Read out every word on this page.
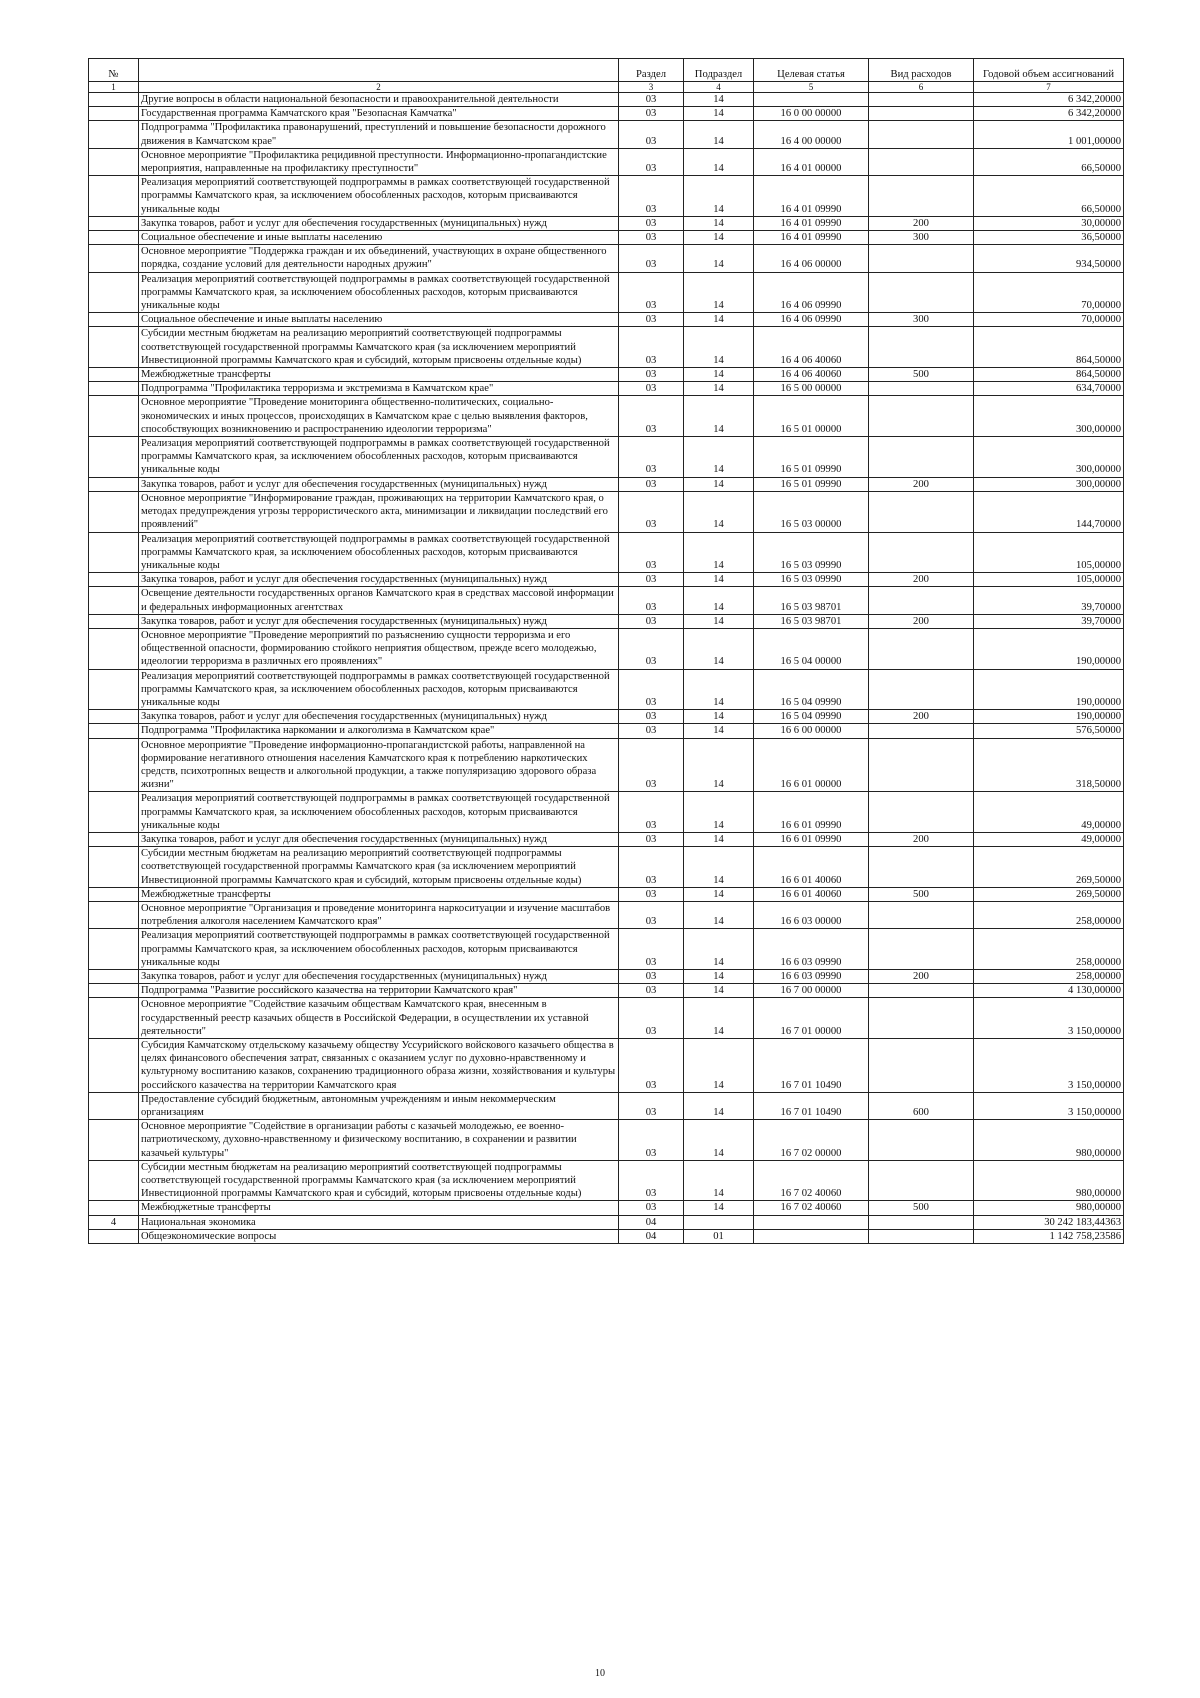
№		Раздел	Подраздел	Целевая статья	Вид расходов	Годовой объем ассигнований
1	2	3	4	5	6	7
	Другие вопросы в области национальной безопасности и правоохранительной деятельности	03	14			6 342,20000
	Государственная программа Камчатского края "Безопасная Камчатка"	03	14	16 0 00 00000		6 342,20000
	Подпрограмма "Профилактика правонарушений, преступлений и повышение безопасности дорожного движения в Камчатском крае"	03	14	16 4 00 00000		1 001,00000
	Основное мероприятие "Профилактика рецидивной преступности. Информационно-пропагандистские мероприятия, направленные на профилактику преступности"	03	14	16 4 01 00000		66,50000
	Реализация мероприятий соответствующей подпрограммы в рамках соответствующей государственной программы Камчатского края, за исключением обособленных расходов, которым присваиваются уникальные коды	03	14	16 4 01 09990		66,50000
	Закупка товаров, работ и услуг для обеспечения государственных (муниципальных) нужд	03	14	16 4 01 09990	200	30,00000
	Социальное обеспечение и иные выплаты населению	03	14	16 4 01 09990	300	36,50000
	Основное мероприятие "Поддержка граждан и их объединений, участвующих в охране общественного порядка, создание условий для деятельности народных дружин"	03	14	16 4 06 00000		934,50000
	Реализация мероприятий соответствующей подпрограммы в рамках соответствующей государственной программы Камчатского края, за исключением обособленных расходов, которым присваиваются уникальные коды	03	14	16 4 06 09990		70,00000
	Социальное обеспечение и иные выплаты населению	03	14	16 4 06 09990	300	70,00000
	Субсидии местным бюджетам на реализацию мероприятий соответствующей подпрограммы соответствующей государственной программы Камчатского края (за исключением мероприятий Инвестиционной программы Камчатского края и субсидий, которым присвоены отдельные коды)	03	14	16 4 06 40060		864,50000
	Межбюджетные трансферты	03	14	16 4 06 40060	500	864,50000
	Подпрограмма "Профилактика терроризма и экстремизма в Камчатском крае"	03	14	16 5 00 00000		634,70000
	Основное мероприятие "Проведение мониторинга общественно-политических, социально-экономических и иных процессов, происходящих в Камчатском крае с целью выявления факторов, способствующих возникновению и распространению идеологии терроризма"	03	14	16 5 01 00000		300,00000
	Реализация мероприятий соответствующей подпрограммы в рамках соответствующей государственной программы Камчатского края, за исключением обособленных расходов, которым присваиваются уникальные коды	03	14	16 5 01 09990		300,00000
	Закупка товаров, работ и услуг для обеспечения государственных (муниципальных) нужд	03	14	16 5 01 09990	200	300,00000
	Основное мероприятие "Информирование граждан, проживающих на территории Камчатского края, о методах предупреждения угрозы террористического акта, минимизации и ликвидации последствий его проявлений"	03	14	16 5 03 00000		144,70000
	Реализация мероприятий соответствующей подпрограммы в рамках соответствующей государственной программы Камчатского края, за исключением обособленных расходов, которым присваиваются уникальные коды	03	14	16 5 03 09990		105,00000
	Закупка товаров, работ и услуг для обеспечения государственных (муниципальных) нужд	03	14	16 5 03 09990	200	105,00000
	Освещение деятельности государственных органов Камчатского края в средствах массовой информации и федеральных информационных агентствах	03	14	16 5 03 98701		39,70000
	Закупка товаров, работ и услуг для обеспечения государственных (муниципальных) нужд	03	14	16 5 03 98701	200	39,70000
	Основное мероприятие "Проведение мероприятий по разъяснению сущности терроризма и его общественной опасности, формированию стойкого неприятия обществом, прежде всего молодежью, идеологии терроризма в различных его проявлениях"	03	14	16 5 04 00000		190,00000
	Реализация мероприятий соответствующей подпрограммы в рамках соответствующей государственной программы Камчатского края, за исключением обособленных расходов, которым присваиваются уникальные коды	03	14	16 5 04 09990		190,00000
	Закупка товаров, работ и услуг для обеспечения государственных (муниципальных) нужд	03	14	16 5 04 09990	200	190,00000
	Подпрограмма "Профилактика наркомании и алкоголизма в Камчатском крае"	03	14	16 6 00 00000		576,50000
	Основное мероприятие "Проведение информационно-пропагандистской работы, направленной на формирование негативного отношения населения Камчатского края к потреблению наркотических средств, психотропных веществ и алкогольной продукции, а также популяризацию здорового образа жизни"	03	14	16 6 01 00000		318,50000
	Реализация мероприятий соответствующей подпрограммы в рамках соответствующей государственной программы Камчатского края, за исключением обособленных расходов, которым присваиваются уникальные коды	03	14	16 6 01 09990		49,00000
	Закупка товаров, работ и услуг для обеспечения государственных (муниципальных) нужд	03	14	16 6 01 09990	200	49,00000
	Субсидии местным бюджетам на реализацию мероприятий соответствующей подпрограммы соответствующей государственной программы Камчатского края (за исключением мероприятий Инвестиционной программы Камчатского края и субсидий, которым присвоены отдельные коды)	03	14	16 6 01 40060		269,50000
	Межбюджетные трансферты	03	14	16 6 01 40060	500	269,50000
	Основное мероприятие "Организация и проведение мониторинга наркоситуации и изучение масштабов потребления алкоголя населением Камчатского края"	03	14	16 6 03 00000		258,00000
	Реализация мероприятий соответствующей подпрограммы в рамках соответствующей государственной программы Камчатского края, за исключением обособленных расходов, которым присваиваются уникальные коды	03	14	16 6 03 09990		258,00000
	Закупка товаров, работ и услуг для обеспечения государственных (муниципальных) нужд	03	14	16 6 03 09990	200	258,00000
	Подпрограмма "Развитие российского казачества на территории Камчатского края"	03	14	16 7 00 00000		4 130,00000
	Основное мероприятие "Содействие казачьим обществам Камчатского края, внесенным в государственный реестр казачьих обществ в Российской Федерации, в осуществлении их уставной деятельности"	03	14	16 7 01 00000		3 150,00000
	Субсидия Камчатскому отдельскому казачьему обществу Уссурийского войскового казачьего общества в целях финансового обеспечения затрат, связанных с оказанием услуг по духовно-нравственному и культурному воспитанию казаков, сохранению традиционного образа жизни, хозяйствования и культуры российского казачества на территории Камчатского края	03	14	16 7 01 10490		3 150,00000
	Предоставление субсидий бюджетным, автономным учреждениям и иным некоммерческим организациям	03	14	16 7 01 10490	600	3 150,00000
	Основное мероприятие "Содействие в организации работы с казачьей молодежью, ее военно-патриотическому, духовно-нравственному и физическому воспитанию, в сохранении и развитии казачьей культуры"	03	14	16 7 02 00000		980,00000
	Субсидии местным бюджетам на реализацию мероприятий соответствующей подпрограммы соответствующей государственной программы Камчатского края (за исключением мероприятий Инвестиционной программы Камчатского края и субсидий, которым присвоены отдельные коды)	03	14	16 7 02 40060		980,00000
	Межбюджетные трансферты	03	14	16 7 02 40060	500	980,00000
4	Национальная экономика	04				30 242 183,44363
	Общеэкономические вопросы	04	01			1 142 758,23586
10
